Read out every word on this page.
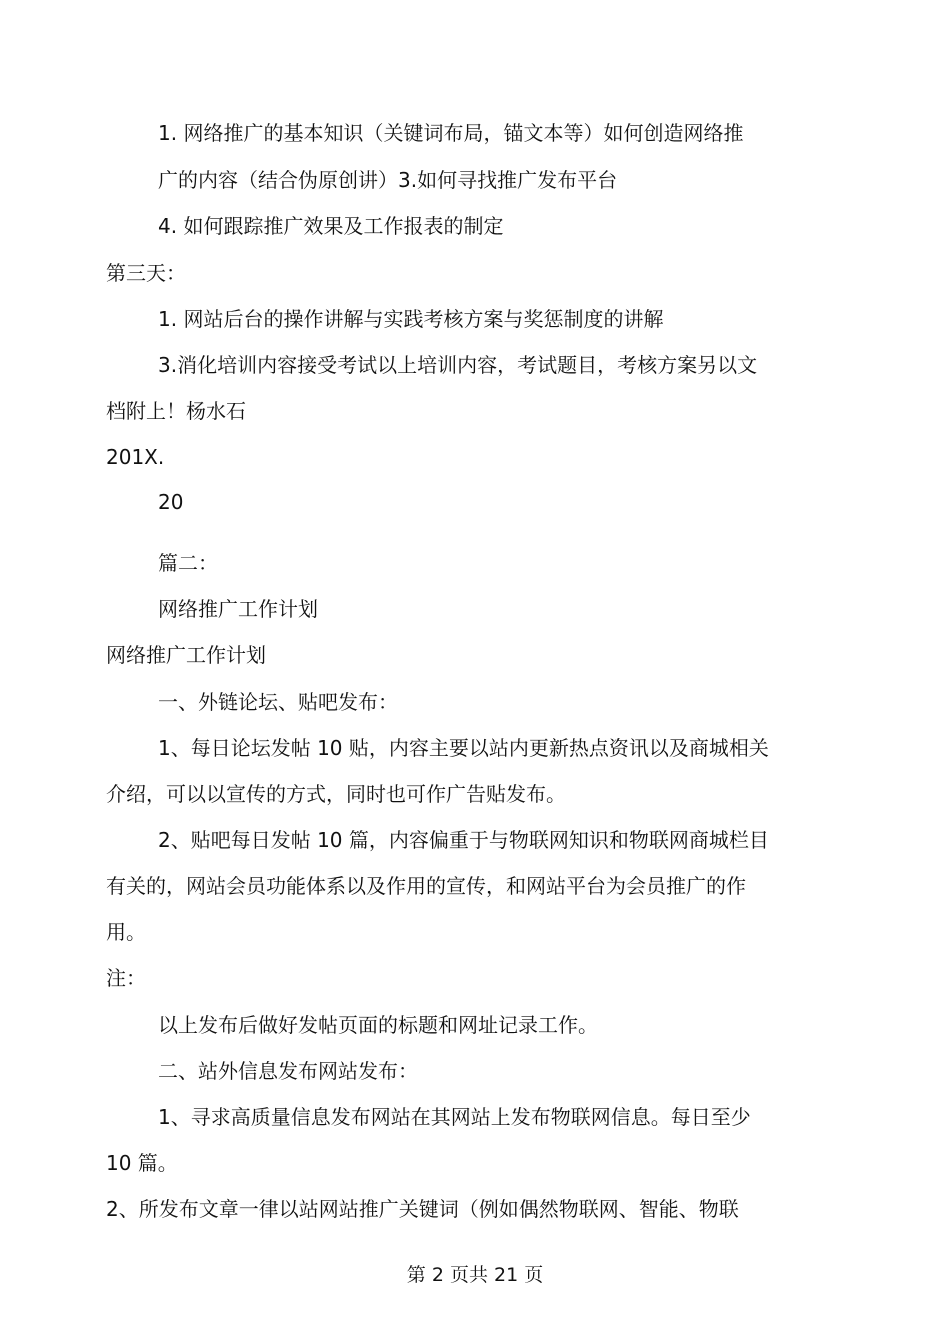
1. 网络推广的基本知识（关键词布局，锚文本等）如何创造网络推
广的内容（结合伪原创讲）3.如何寻找推广发布平台
4. 如何跟踪推广效果及工作报表的制定
第三天：
1. 网站后台的操作讲解与实践考核方案与奖惩制度的讲解
3.消化培训内容接受考试以上培训内容，考试题目，考核方案另以文
档附上！杨水石
201X.
20
篇二：
网络推广工作计划
网络推广工作计划
一、外链论坛、贴吧发布：
1、每日论坛发帖 10 贴，内容主要以站内更新热点资讯以及商城相关
介绍，可以以宣传的方式，同时也可作广告贴发布。
2、贴吧每日发帖 10 篇，内容偏重于与物联网知识和物联网商城栏目
有关的，网站会员功能体系以及作用的宣传，和网站平台为会员推广的作
用。
注：
以上发布后做好发帖页面的标题和网址记录工作。
二、站外信息发布网站发布：
1、寻求高质量信息发布网站在其网站上发布物联网信息。每日至少
10 篇。
2、所发布文章一律以站网站推广关键词（例如偶然物联网、智能、物联
第 2 页共 21 页
